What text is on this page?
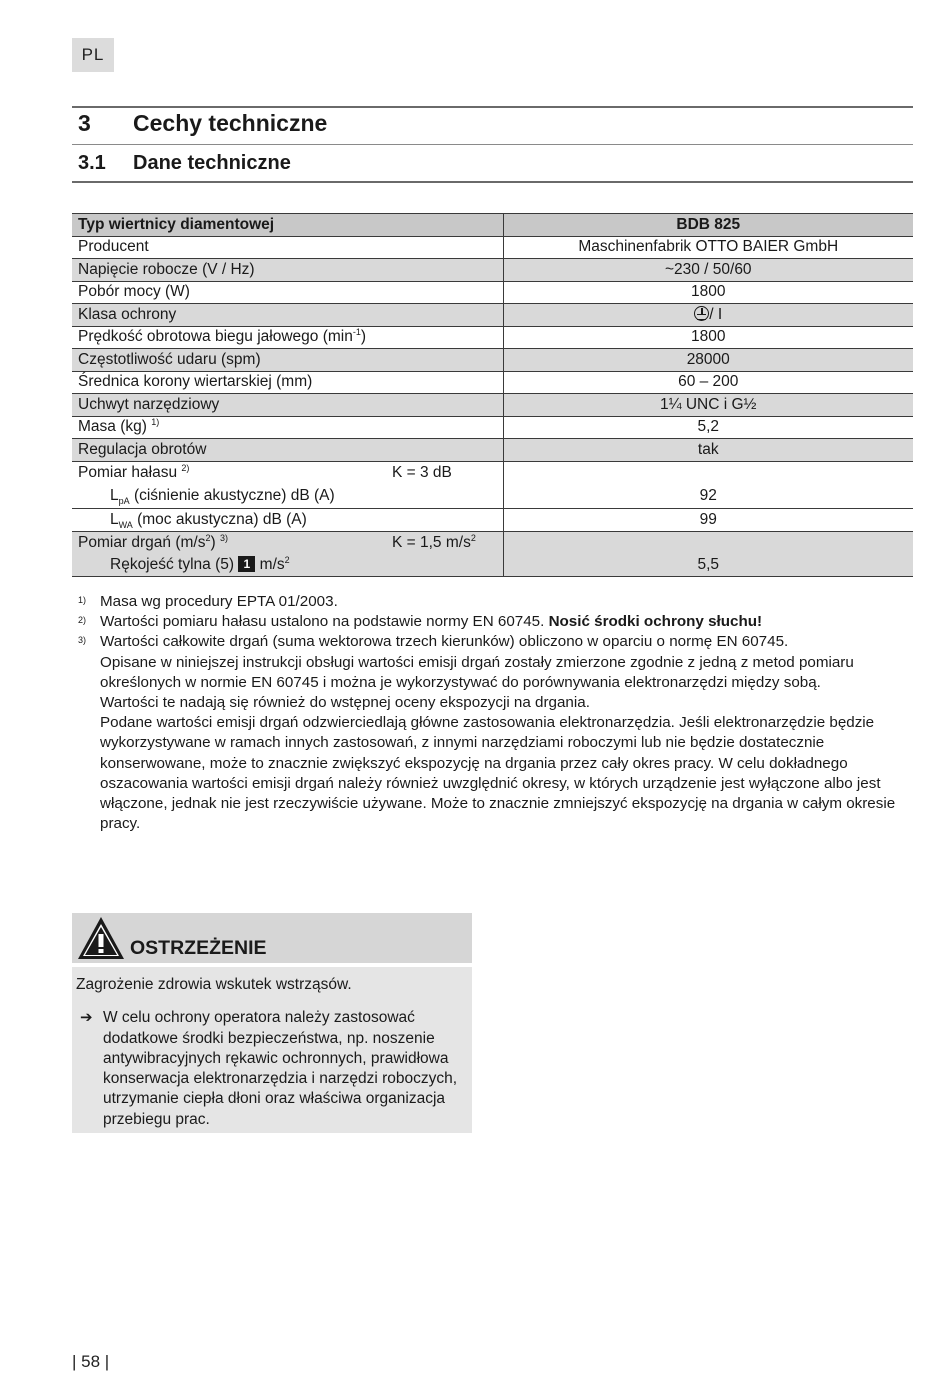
PL
3 Cechy techniczne
3.1 Dane techniczne
Typ wiertnicy diamentowej	BDB 825
Producent	Maschinenfabrik OTTO BAIER GmbH
Napięcie robocze (V / Hz)	~230 / 50/60
Pobór mocy (W)	1800
Klasa ochrony	/ I
Prędkość obrotowa biegu jałowego $(\min^{-1})$	1800
Częstotliwość udaru (spm)	28000
Średnica korony wiertarskiej (mm)	60 – 200
Uchwyt narzędziowy	1¼ UNC i G½
Masa (kg) $^{1)}$	5,2
Regulacja obrotów	tak
Pomiar hałasu $^{2)}$ K = 3 dB	

$L_{pA}$ (ciśnienie akustyczne) dB (A)	92
$L_{WA}$ (moc akustyczna) dB (A)	99
Pomiar drgań $(m/s^2)$ $^{3)}$ K = 1,5 $m/s^2$

Rękojeść tylna (5) 1 $m/s^2$	5,5
1) Masa wg procedury EPTA 01/2003.
2) Wartości pomiaru hałasu ustalono na podstawie normy EN 60745. Nosić środki ochrony słuchu!
3) Wartości całkowite drgań (suma wektorowa trzech kierunków) obliczono w oparciu o normę EN 60745.
Opisane w niniejszej instrukcji obsługi wartości emisji drgań zostały zmierzone zgodnie z jedną z metod pomiaru określonych w normie EN 60745 i można je wykorzystywać do porównywania elektronarzędzi między sobą.
Wartości te nadają się również do wstępnej oceny ekspozycji na drgania.
Podane wartości emisji drgań odzwierciedlają główne zastosowania elektronarzędzia. Jeśli elektronarzędzie będzie wykorzystywane w ramach innych zastosowań, z innymi narzędziami roboczymi lub nie będzie dostatecznie konserwowane, może to znacznie zwiększyć ekspozycję na drgania przez cały okres pracy. W celu dokładnego oszacowania wartości emisji drgań należy również uwzględnić okresy, w których urządzenie jest wyłączone albo jest włączone, jednak nie jest rzeczywiście używane. Może to znacznie zmniejszyć ekspozycję na drgania w całym okresie pracy.
OSTRZEŻENIE
Zagrożenie zdrowia wskutek wstrząsów.
➔ W celu ochrony operatora należy zastosować dodatkowe środki bezpieczeństwa, np. noszenie antywibracyjnych rękawic ochronnych, prawidłowa konserwacja elektronarzędzia i narzędzi roboczych, utrzymanie ciepła dłoni oraz właściwa organizacja przebiegu prac.
| 58 |
